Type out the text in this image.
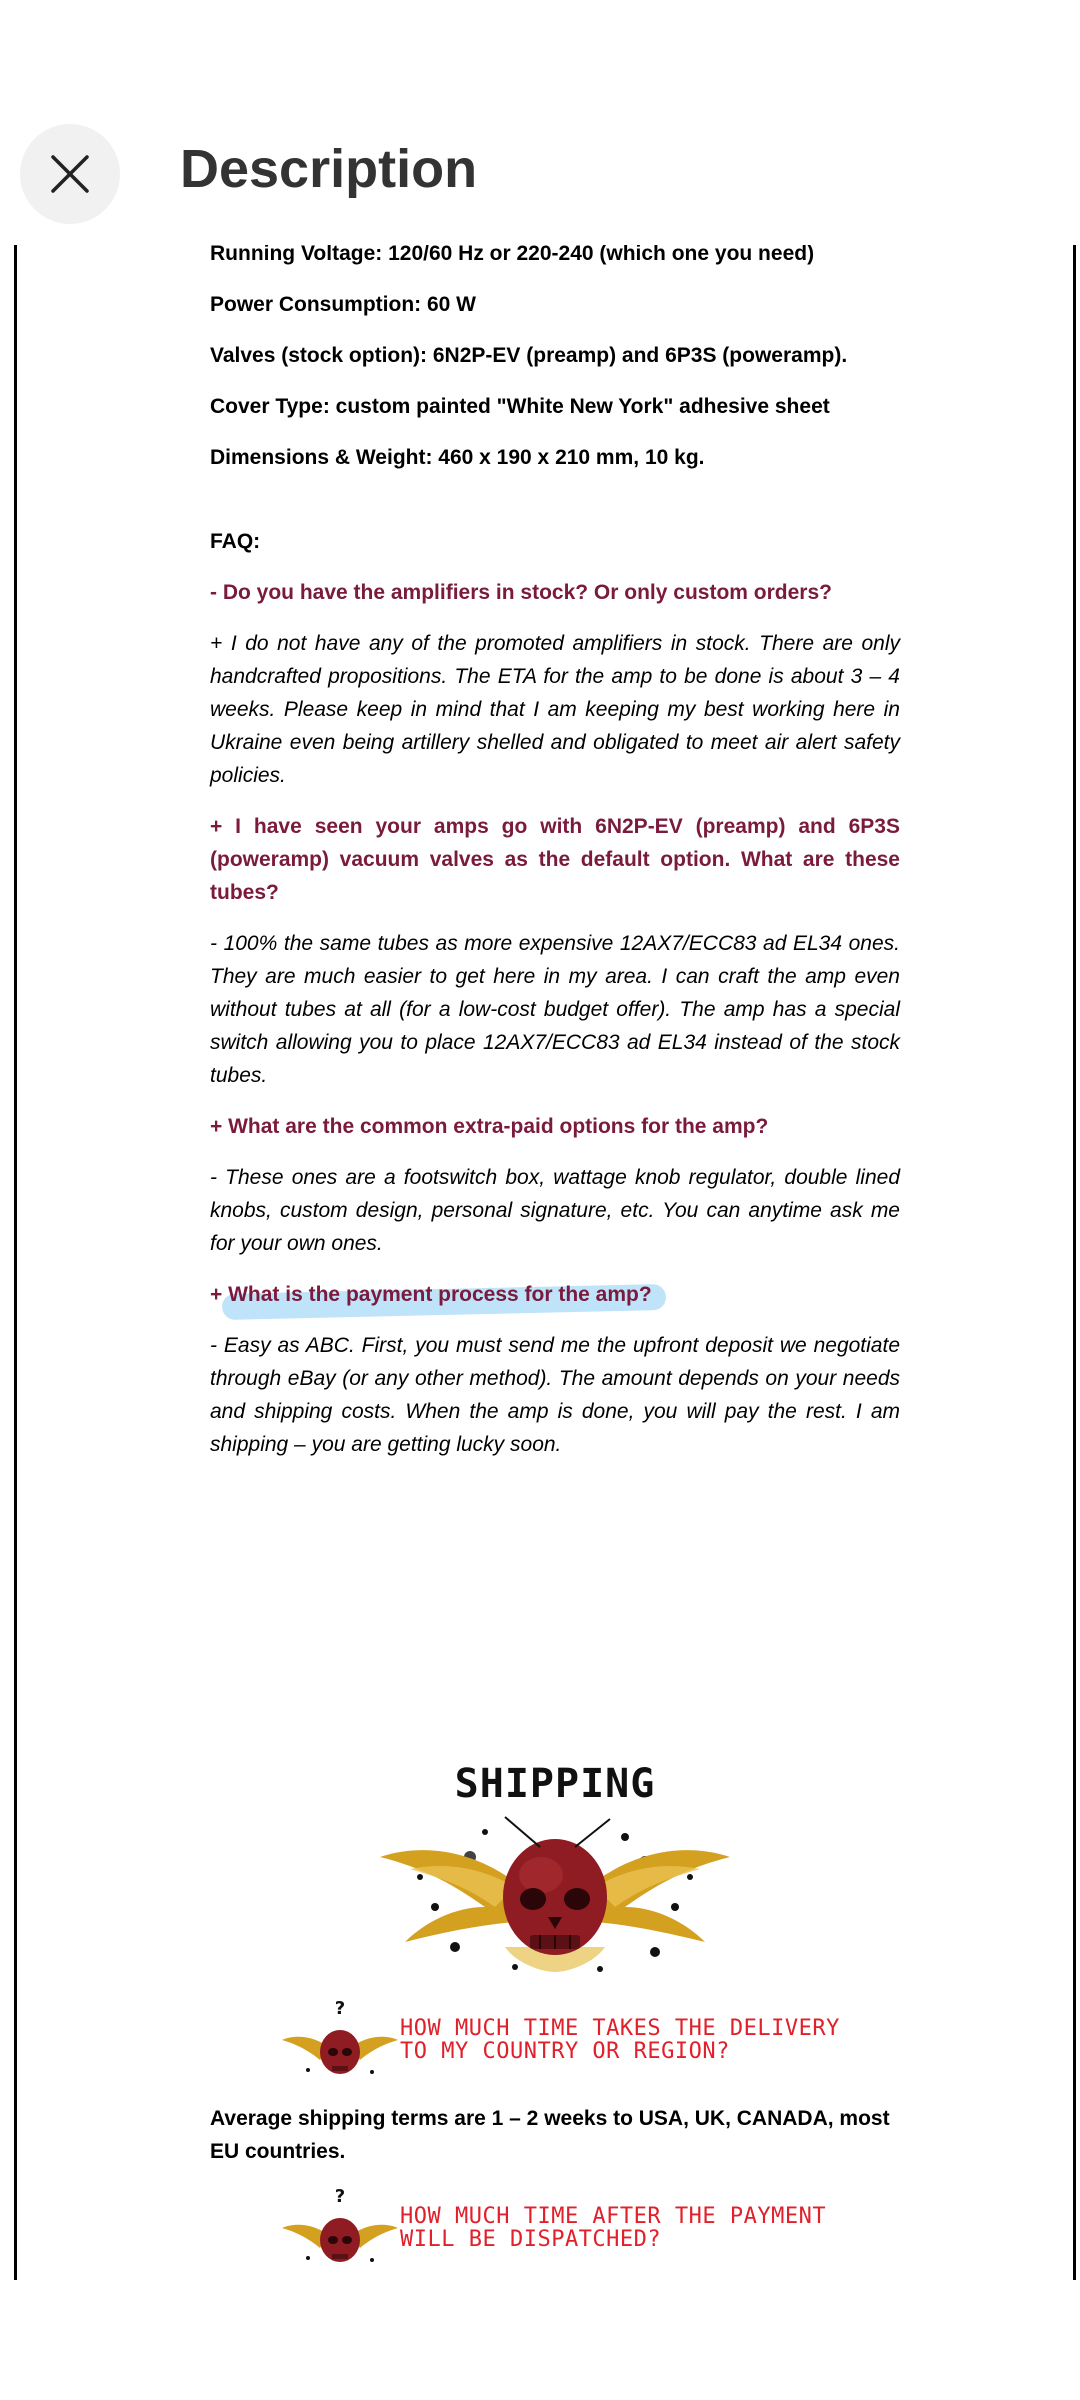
Description

Running Voltage: 120/60 Hz or 220-240 (which one you need)

Power Consumption: 60 W

Valves (stock option): 6N2P-EV (preamp) and 6P3S (poweramp).

Cover Type: custom painted "White New York" adhesive sheet

Dimensions & Weight: 460 x 190 x 210 mm, 10 kg.

FAQ:

- Do you have the amplifiers in stock? Or only custom orders?

+ I do not have any of the promoted amplifiers in stock. There are only handcrafted propositions. The ETA for the amp to be done is about 3 – 4 weeks. Please keep in mind that I am keeping my best working here in Ukraine even being artillery shelled and obligated to meet air alert safety policies.

+ I have seen your amps go with 6N2P-EV (preamp) and 6P3S (poweramp) vacuum valves as the default option. What are these tubes?

- 100% the same tubes as more expensive 12AX7/ECC83 ad EL34 ones. They are much easier to get here in my area. I can craft the amp even without tubes at all (for a low-cost budget offer). The amp has a special switch allowing you to place 12AX7/ECC83 ad EL34 instead of the stock tubes.

+ What are the common extra-paid options for the amp?

- These ones are a footswitch box, wattage knob regulator, double lined knobs, custom design, personal signature, etc. You can anytime ask me for your own ones.

+ What is the payment process for the amp?

- Easy as ABC. First, you must send me the upfront deposit we negotiate through eBay (or any other method). The amount depends on your needs and shipping costs. When the amp is done, you will pay the rest. I am shipping – you are getting lucky soon.

SHIPPING
?
HOW MUCH TIME TAKES THE DELIVERY
TO MY COUNTRY OR REGION?

Average shipping terms are 1 – 2 weeks to USA, UK, CANADA, most EU countries.

?
HOW MUCH TIME AFTER THE PAYMENT
WILL BE DISPATCHED?
